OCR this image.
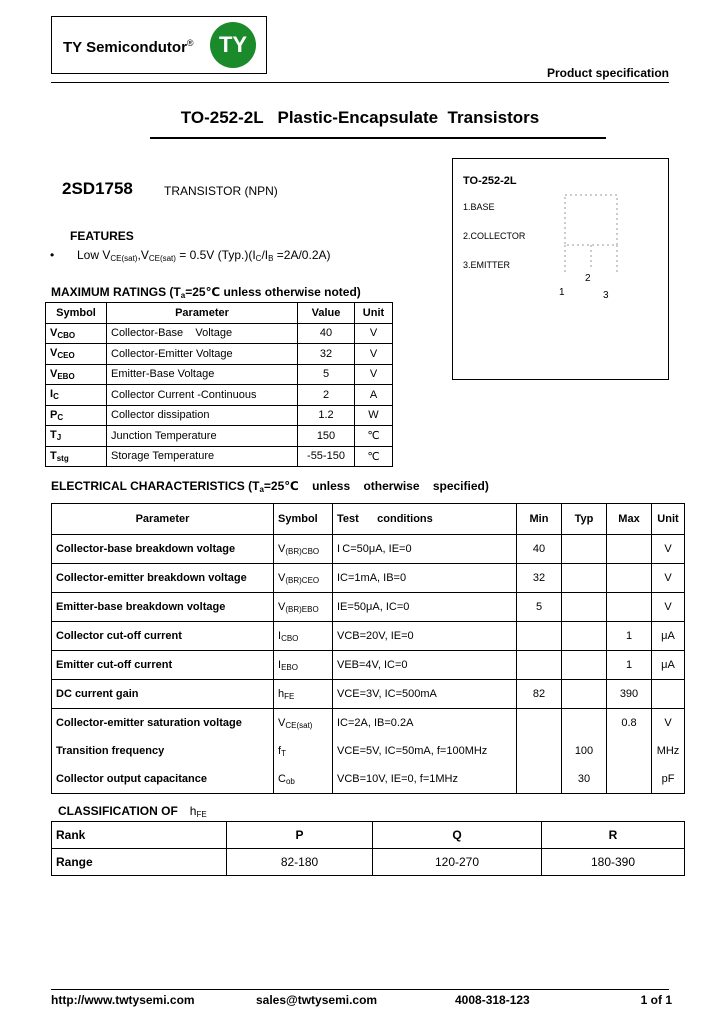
TY Semicondutor®	TY
Product specification
TO-252-2L   Plastic-Encapsulate  Transistors
2SD1758	TRANSISTOR (NPN)
TO-252-2L
1.BASE
2.COLLECTOR
3.EMITTER
2
1	3
FEATURES
• Low $V_{CE(sat)},V_{CE(sat)} = 0.5V$ $(Typ.)(I_C/I_B =2A/0.2A)$
MAXIMUM RATINGS ($T_a=25℃$ unless otherwise noted)
Symbol	Parameter	Value	Unit
$V_{CBO}$	Collector-Base    Voltage	40	V
$V_{CEO}$	Collector-Emitter Voltage	32	V
$V_{EBO}$	Emitter-Base Voltage	5	V
$I_C$	Collector Current -Continuous	2	A
$P_C$	Collector dissipation	1.2	W
$T_J$	Junction Temperature	150	℃
$T_{stg}$	Storage Temperature	-55-150	℃
ELECTRICAL CHARACTERISTICS ($T_a=25℃$    unless    otherwise    specified)
Parameter	Symbol	Test      conditions	Min	Typ	Max	Unit
Collector-base breakdown voltage	$V_{(BR)CBO}$	I C=50μA, IE=0	40			V
Collector-emitter breakdown voltage	$V_{(BR)CEO}$	IC=1mA, IB=0	32			V
Emitter-base breakdown voltage	$V_{(BR)EBO}$	IE=50μA, IC=0	5			V
Collector cut-off current	$I_{CBO}$	VCB=20V, IE=0			1	μA
Emitter cut-off current	$I_{EBO}$	VEB=4V, IC=0			1	μA
DC current gain	$h_{FE}$	VCE=3V, IC=500mA	82		390	
Collector-emitter saturation voltage	$V_{CE(sat)}$	IC=2A, IB=0.2A			0.8	V
Transition frequency	$f_T$	VCE=5V, IC=50mA, f=100MHz		100		MHz
Collector output capacitance	$C_{ob}$	VCB=10V, IE=0, f=1MHz		30		pF
CLASSIFICATION OF $h_{FE}$
Rank	P	Q	R
Range	82-180	120-270	180-390
http://www.twtysemi.com	sales@twtysemi.com	4008-318-123	1 of 1
